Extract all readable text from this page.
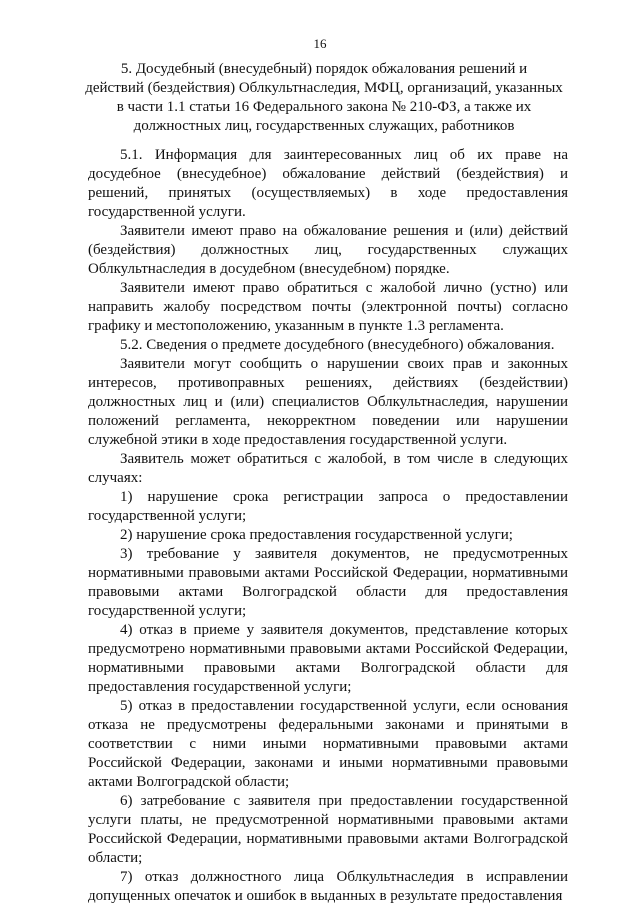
16
5. Досудебный (внесудебный) порядок обжалования решений и
действий (бездействия) Облкультнаследия, МФЦ, организаций, указанных
в части 1.1 статьи 16 Федерального закона № 210-ФЗ, а также их
должностных лиц, государственных служащих, работников

5.1. Информация для заинтересованных лиц об их праве на досудебное (внесудебное) обжалование действий (бездействия) и решений, принятых (осуществляемых) в ходе предоставления государственной услуги.

Заявители имеют право на обжалование решения и (или) действий (бездействия) должностных лиц, государственных служащих Облкультнаследия в досудебном (внесудебном) порядке.

Заявители имеют право обратиться с жалобой лично (устно) или направить жалобу посредством почты (электронной почты) согласно графику и местоположению, указанным в пункте 1.3 регламента.

5.2. Сведения о предмете досудебного (внесудебного) обжалования.

Заявители могут сообщить о нарушении своих прав и законных интересов, противоправных решениях, действиях (бездействии) должностных лиц и (или) специалистов Облкультнаследия, нарушении положений регламента, некорректном поведении или нарушении служебной этики в ходе предоставления государственной услуги.

Заявитель может обратиться с жалобой, в том числе в следующих случаях:

1) нарушение срока регистрации запроса о предоставлении государственной услуги;

2) нарушение срока предоставления государственной услуги;

3) требование у заявителя документов, не предусмотренных нормативными правовыми актами Российской Федерации, нормативными правовыми актами Волгоградской области для предоставления государственной услуги;

4) отказ в приеме у заявителя документов, представление которых предусмотрено нормативными правовыми актами Российской Федерации, нормативными правовыми актами Волгоградской области для предоставления государственной услуги;

5) отказ в предоставлении государственной услуги, если основания отказа не предусмотрены федеральными законами и принятыми в соответствии с ними иными нормативными правовыми актами Российской Федерации, законами и иными нормативными правовыми актами Волгоградской области;

6) затребование с заявителя при предоставлении государственной услуги платы, не предусмотренной нормативными правовыми актами Российской Федерации, нормативными правовыми актами Волгоградской области;

7) отказ должностного лица Облкультнаследия в исправлении допущенных опечаток и ошибок в выданных в результате предоставления
